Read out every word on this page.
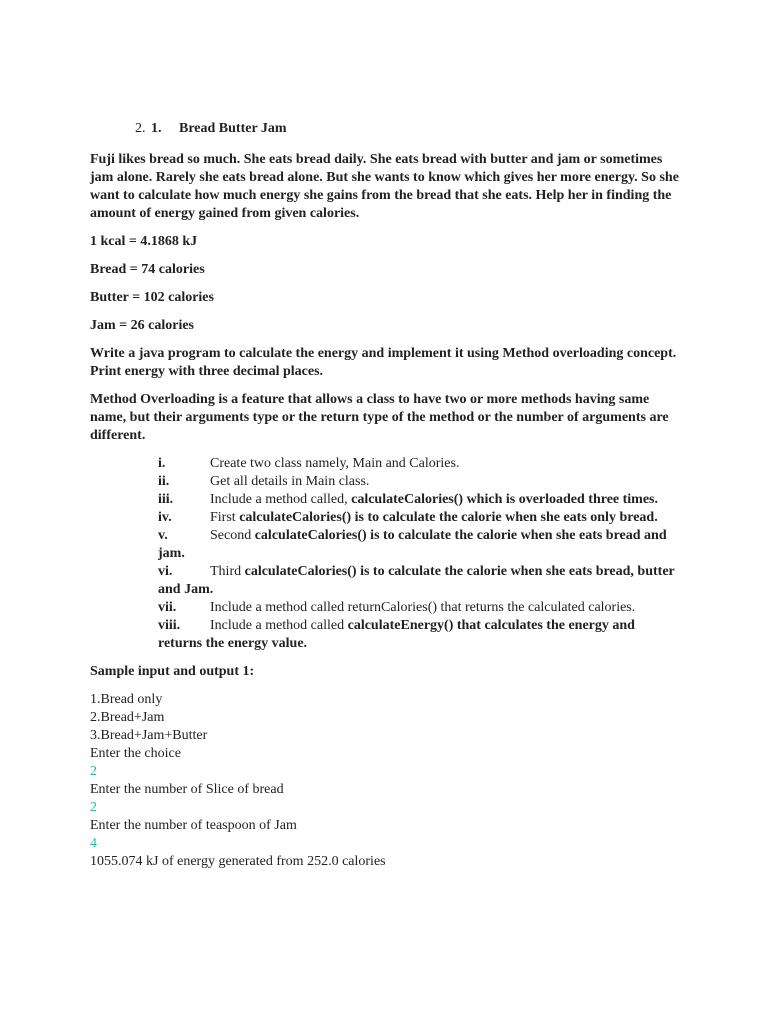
2. 1. Bread Butter Jam

Fuji likes bread so much. She eats bread daily. She eats bread with butter and jam or sometimes jam alone. Rarely she eats bread alone. But she wants to know which gives her more energy. So she want to calculate how much energy she gains from the bread that she eats. Help her in finding the amount of energy gained from given calories.

1 kcal = 4.1868 kJ

Bread = 74 calories

Butter = 102 calories

Jam = 26 calories

Write a java program to calculate the energy and implement it using Method overloading concept. Print energy with three decimal places.

Method Overloading is a feature that allows a class to have two or more methods having same name, but their arguments type or the return type of the method or the number of arguments are different.

i.	Create two class namely, Main and Calories.
ii.	Get all details in Main class.
iii.	Include a method called, calculateCalories() which is overloaded three times.
iv.	First calculateCalories() is to calculate the calorie when she eats only bread.
v.	Second calculateCalories() is to calculate the calorie when she eats bread and jam.
vi.	Third calculateCalories() is to calculate the calorie when she eats bread, butter and Jam.
vii. Include a method called returnCalories() that returns the calculated calories.
viii. Include a method called calculateEnergy() that calculates the energy and returns the energy value.

Sample input and output 1:

1.Bread only
2.Bread+Jam
3.Bread+Jam+Butter
Enter the choice
2
Enter the number of Slice of bread
2
Enter the number of teaspoon of Jam
4
1055.074 kJ of energy generated from 252.0 calories
